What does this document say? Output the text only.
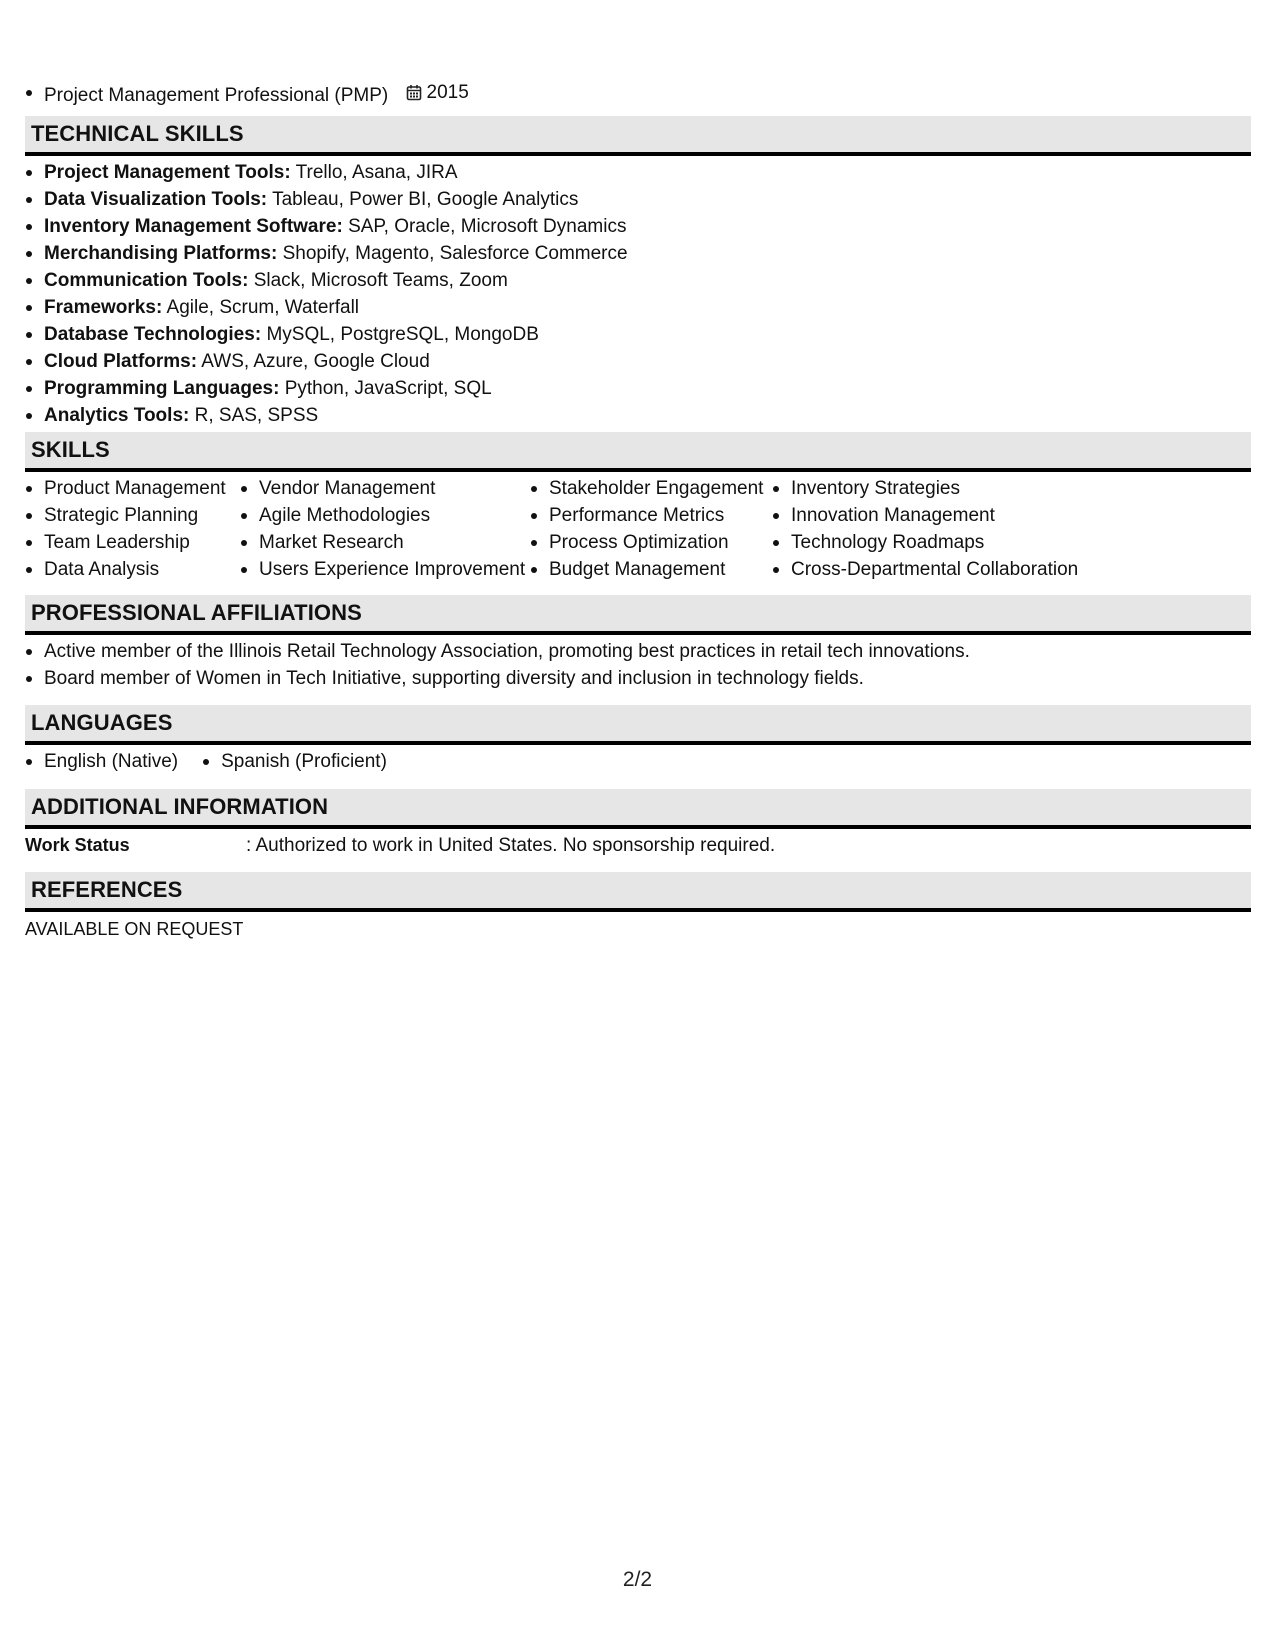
Project Management Professional (PMP) 2015
TECHNICAL SKILLS
Project Management Tools: Trello, Asana, JIRA
Data Visualization Tools: Tableau, Power BI, Google Analytics
Inventory Management Software: SAP, Oracle, Microsoft Dynamics
Merchandising Platforms: Shopify, Magento, Salesforce Commerce
Communication Tools: Slack, Microsoft Teams, Zoom
Frameworks: Agile, Scrum, Waterfall
Database Technologies: MySQL, PostgreSQL, MongoDB
Cloud Platforms: AWS, Azure, Google Cloud
Programming Languages: Python, JavaScript, SQL
Analytics Tools: R, SAS, SPSS
SKILLS
Product Management
Strategic Planning
Team Leadership
Data Analysis
Vendor Management
Agile Methodologies
Market Research
Users Experience Improvement
Stakeholder Engagement
Performance Metrics
Process Optimization
Budget Management
Inventory Strategies
Innovation Management
Technology Roadmaps
Cross-Departmental Collaboration
PROFESSIONAL AFFILIATIONS
Active member of the Illinois Retail Technology Association, promoting best practices in retail tech innovations.
Board member of Women in Tech Initiative, supporting diversity and inclusion in technology fields.
LANGUAGES
English (Native)	Spanish (Proficient)
ADDITIONAL INFORMATION
Work Status	: Authorized to work in United States. No sponsorship required.
REFERENCES
AVAILABLE ON REQUEST
2/2
